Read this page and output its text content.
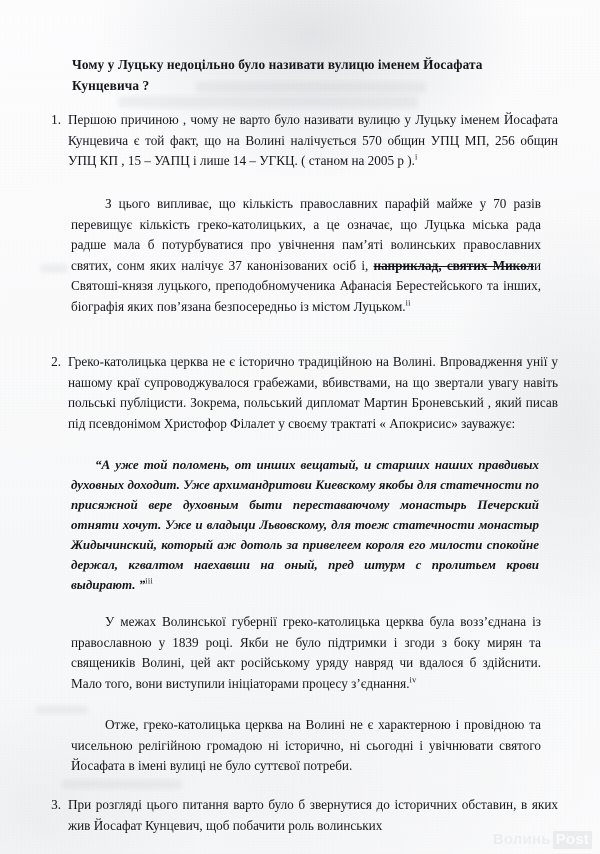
Чому у Луцьку недоцільно було називати вулицю іменем Йосафата Кунцевича ?
1. Першою причиною , чому не варто було називати вулицю у Луцьку іменем Йосафата Кунцевича є той факт, що на Волині налічується 570 общин УПЦ МП, 256 общин УПЦ КП , 15 – УАПЦ і лише 14 – УГКЦ. ( станом на 2005 р ).$^i$
З цього випливає, що кількість православних парафій майже у 70 разів перевищує кількість греко-католицьких, а це означає, що Луцька міська рада радше мала б потурбуватися про увічнення пам’яті волинських православних святих, сонм яких налічує 37 канонізованих осіб і, наприклад, святих Миколи Святоші-князя луцького, преподобномученика Афанасія Берестейського та інших, біографія яких пов’язана безпосередньо із містом Луцьком.$^{ii}$
2. Греко-католицька церква не є історично традиційною на Волині. Впровадження унії у нашому краї супроводжувалося грабежами, вбивствами, на що звертали увагу навіть польські публіцисти. Зокрема, польський дипломат Мартин Броневський , який писав під псевдонімом Христофор Філалет у своєму трактаті « Апокрисис» зауважує:
“А уже той поломень, от инших вещатый, и старших наших правдивых духовных доходит. Уже архимандритови Киевскому якобы для статечности по присяжной вере духовным быти переставаючому монастырь Печерский отняти хочут. Уже и владыци Львовскому, для тоеж статечности монастыр Жидычинский, который аж дотоль за привелеем короля его милости спокойне держал, кгвалтом наехавши на оный, пред штурм с пролитьем крови выдирают. ”$^{iii}$
У межах Волинської губернії греко-католицька церква була возз’єднана із православною у 1839 році. Якби не було підтримки і згоди з боку мирян та священиків Волині, цей акт російському уряду навряд чи вдалося б здійснити. Мало того, вони виступили ініціаторами процесу з’єднання.$^{iv}$
Отже, греко-католицька церква на Волині не є характерною і провідною та чисельною релігійною громадою ні історично, ні сьогодні і увічнювати святого Йосафата в імені вулиці не було суттєвої потреби.
3. При розгляді цього питання варто було б звернутися до історичних обставин, в яких жив Йосафат Кунцевич, щоб побачити роль волинських
Волинь Post
